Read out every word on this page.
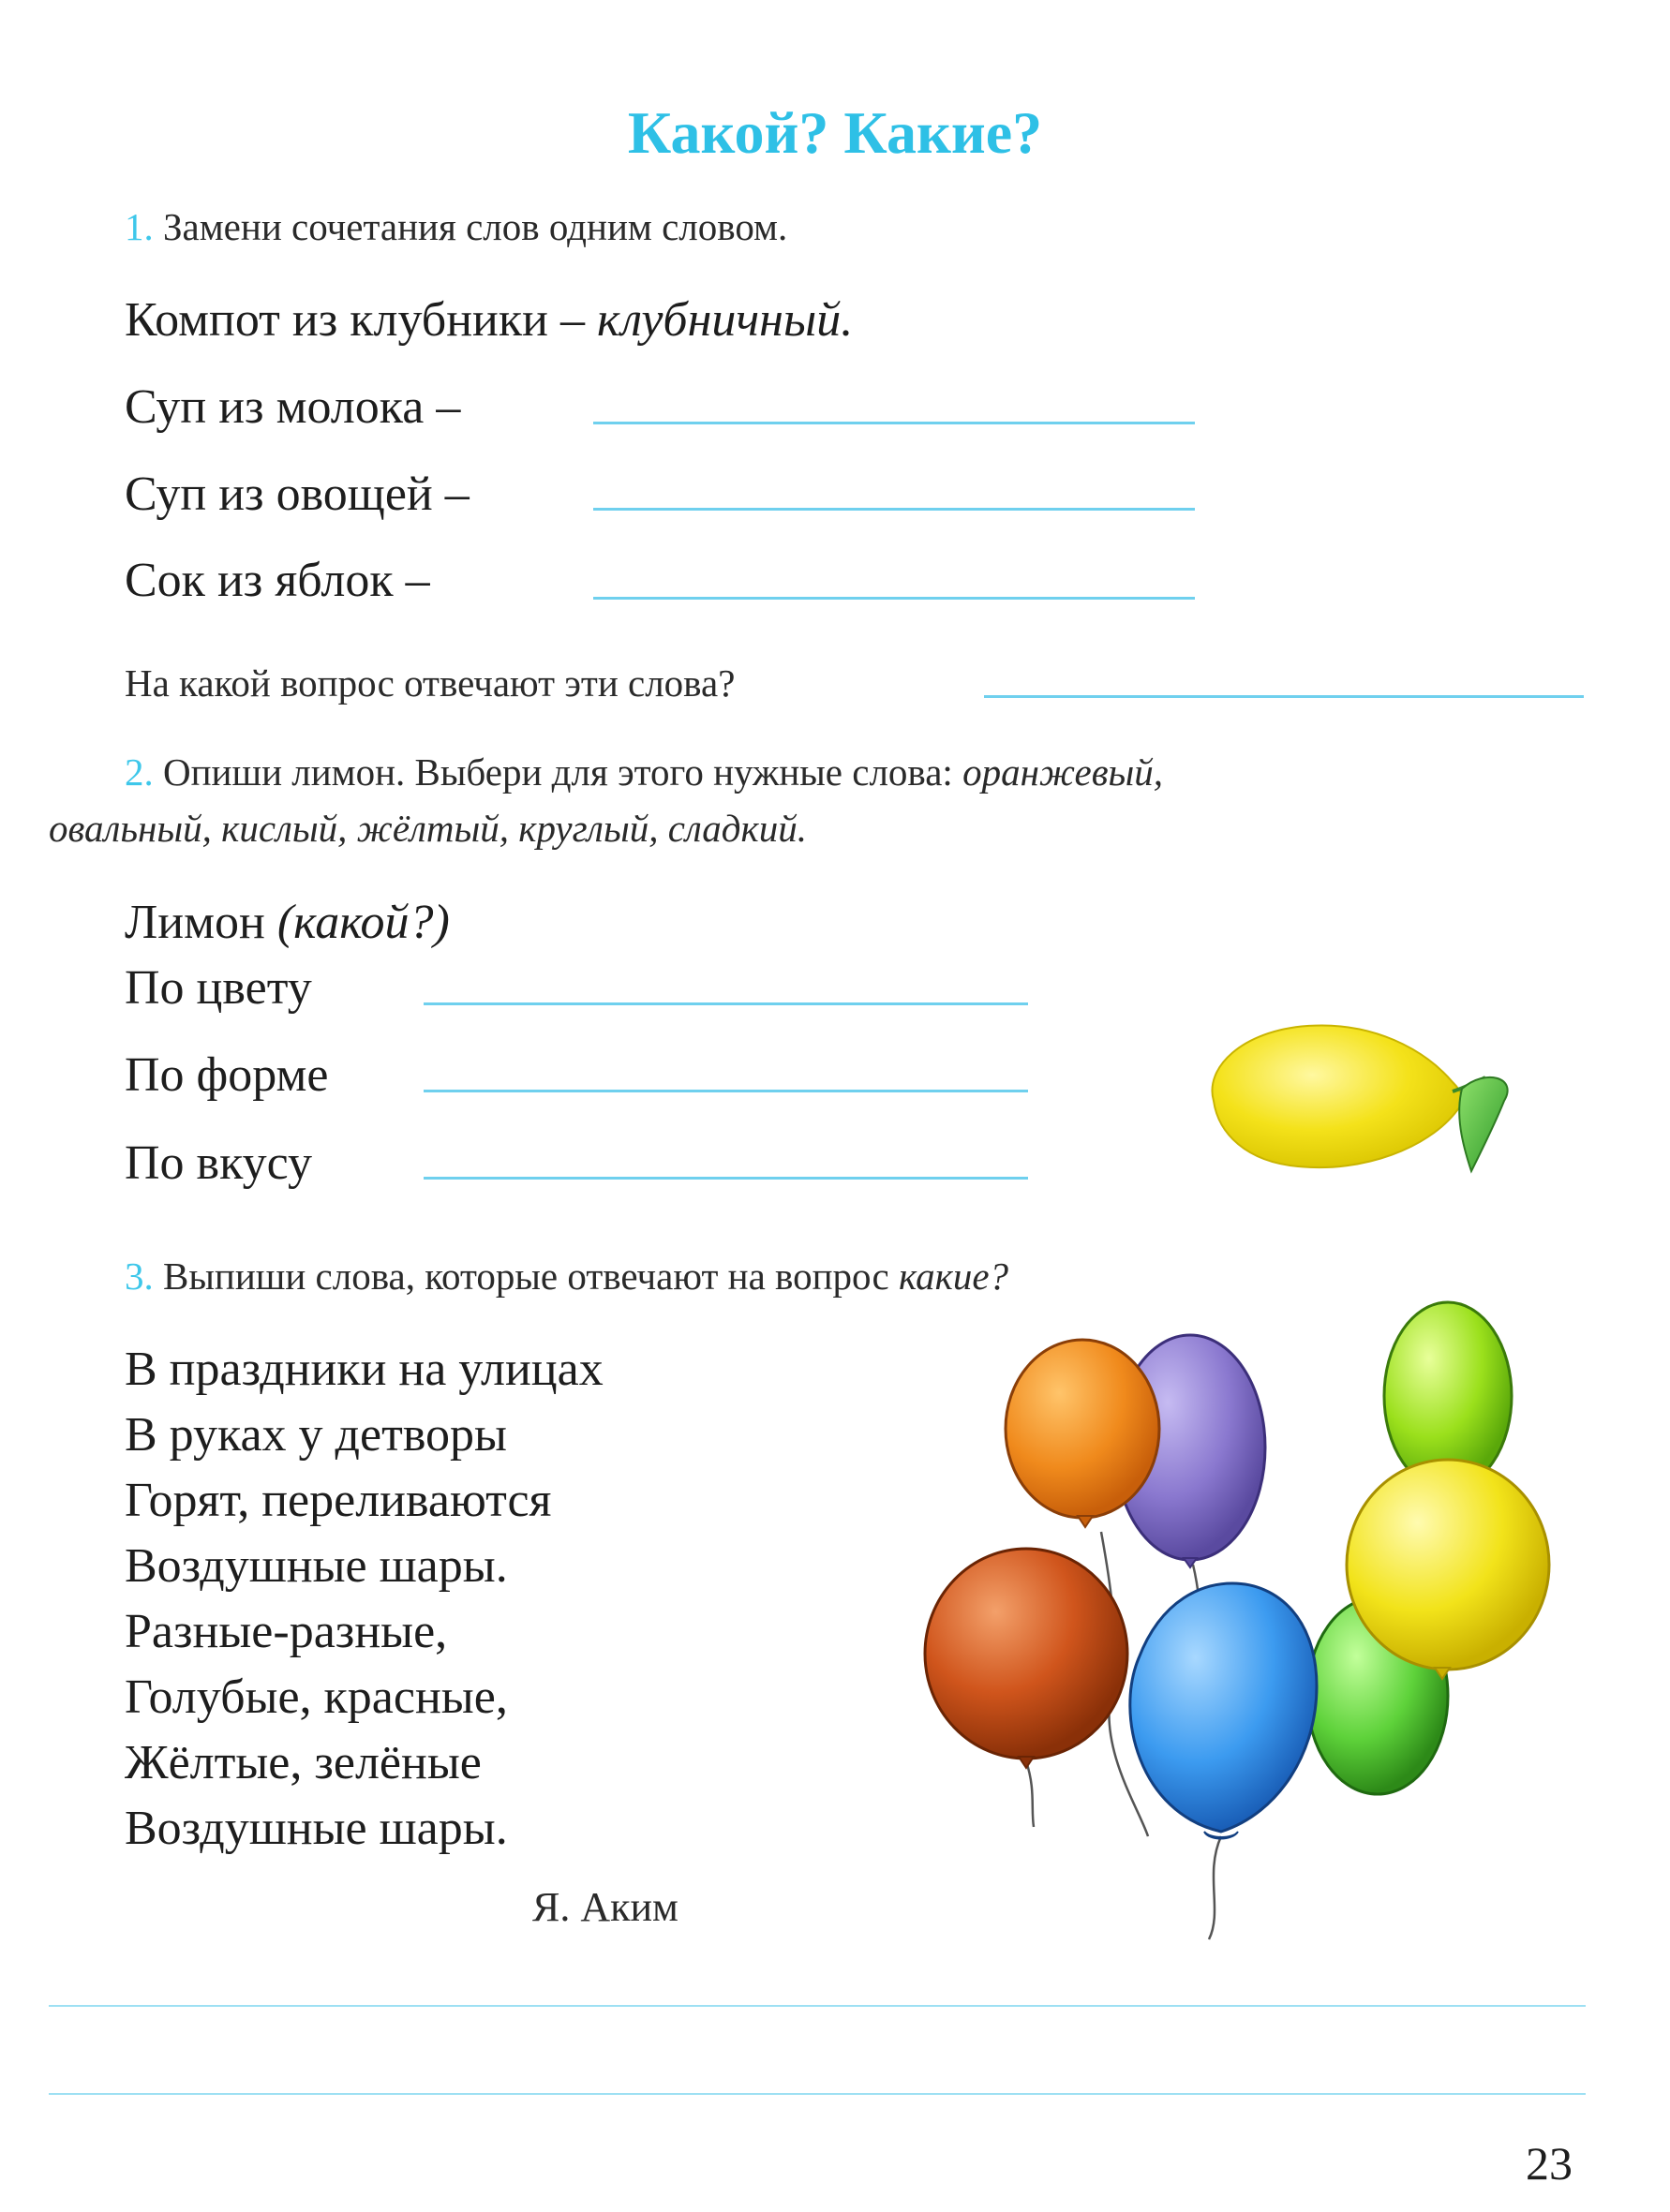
Какой? Какие?
1. Замени сочетания слов одним словом.
Компот из клубники – клубничный.
Суп из молока –
Суп из овощей –
Сок из яблок –
На какой вопрос отвечают эти слова?
2. Опиши лимон. Выбери для этого нужные слова: оранжевый,
овальный, кислый, жёлтый, круглый, сладкий.
Лимон (какой?)
По цвету
По форме
По вкусу
3. Выпиши слова, которые отвечают на вопрос какие?
В праздники на улицах
В руках у детворы
Горят, переливаются
Воздушные шары.
Разные-разные,
Голубые, красные,
Жёлтые, зелёные
Воздушные шары.
Я. Аким
23
